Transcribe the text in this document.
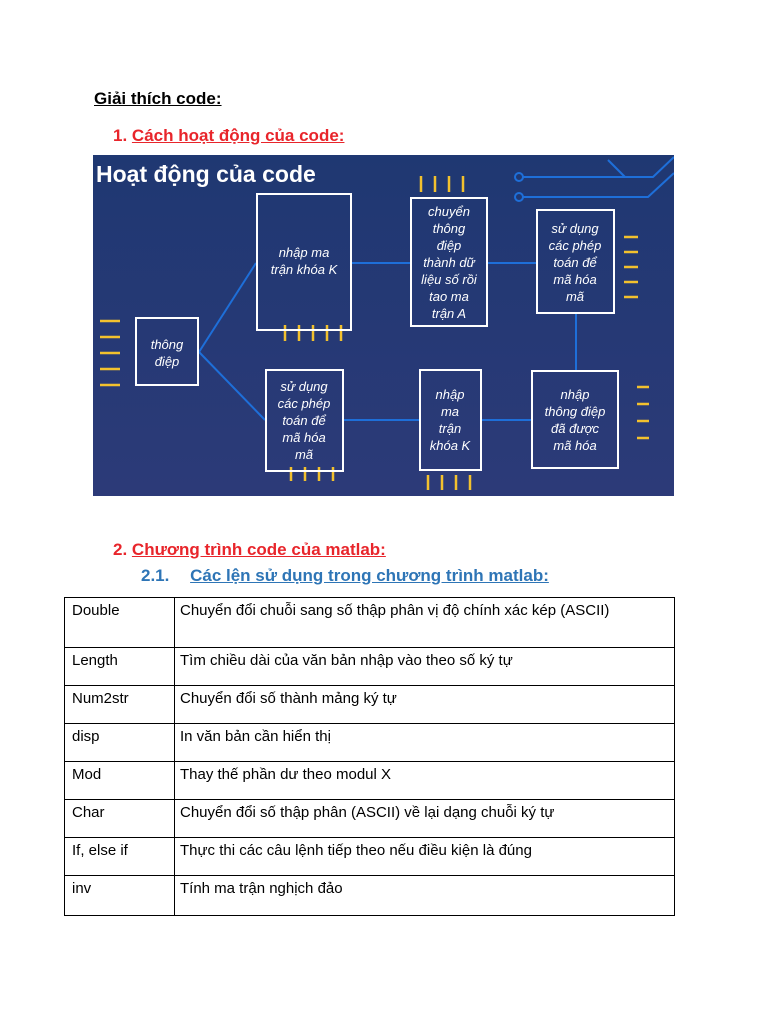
Giải thích code:
1. Cách hoạt động của code:
Hoạt động của code
thông
điệp
nhập ma
trận khóa K
chuyển
thông
điệp
thành dữ
liệu số rồi
tao ma
trận A
sử dụng
các phép
toán để
mã hóa
mã
sử dụng
các phép
toán để
mã hóa
mã
nhập
ma
trận
khóa K
nhập
thông điệp
đã được
mã hóa
2. Chương trình code của matlab:
2.1. Các lện sử dụng trong chương trình matlab:
Double	Chuyển đổi chuỗi sang số thập phân vị độ chính xác kép (ASCII)
Length	Tìm chiều dài của văn bản nhập vào theo số ký tự
Num2str	Chuyển đổi số thành mảng ký tự
disp	In văn bản cần hiển thị
Mod	Thay thế phần dư theo modul X
Char	Chuyển đổi số thập phân (ASCII) về lại dạng chuỗi ký tự
If, else if	Thực thi các câu lệnh tiếp theo nếu điều kiện là đúng
inv	Tính ma trận nghịch đảo
